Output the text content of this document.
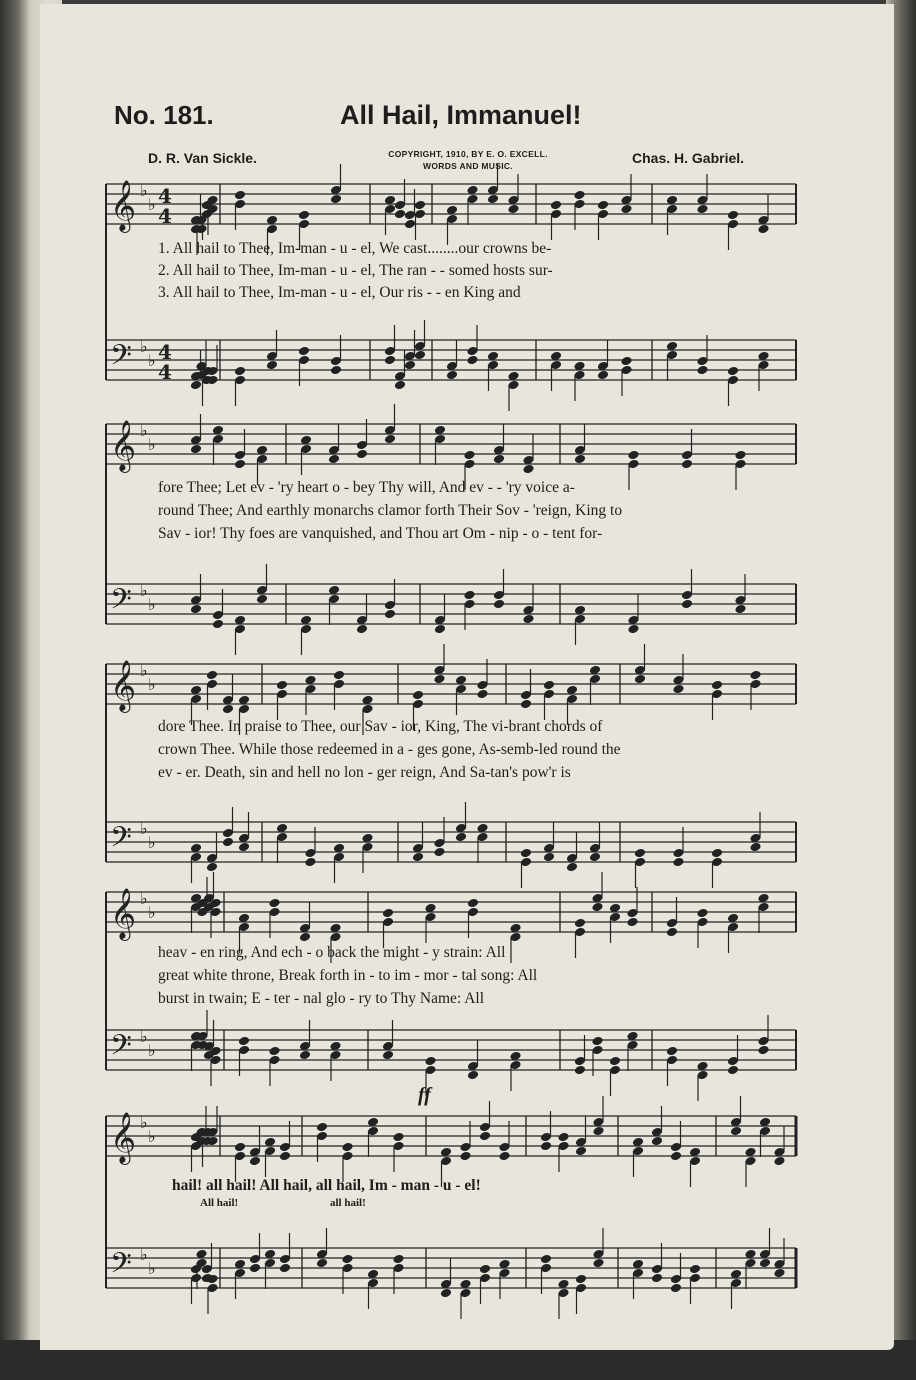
No. 181.	All Hail, Immanuel!
D. R. Van Sickle.	Chas. H. Gabriel.
COPYRIGHT, 1910, BY E. O. EXCELL.
WORDS AND MUSIC.
𝄞 ♭
♭ 4
4
𝄢 ♭
♭ 4
4
𝄞 ♭
♭
𝄢 ♭
♭
𝄞 ♭
♭
𝄢 ♭
♭
𝄞 ♭
♭
𝄢 ♭
♭
𝄞 ♭
♭
𝄢 ♭
♭
1. All hail to Thee, Im-man - u - el, We cast........our crowns be-
2. All hail to Thee, Im-man - u - el, The ran - - somed hosts sur-
3. All hail to Thee, Im-man - u - el, Our ris - - en King and
fore Thee; Let ev - 'ry heart o - bey Thy will, And ev - - 'ry voice a-
round Thee; And earthly monarchs clamor forth Their Sov - 'reign, King to
Sav - ior! Thy foes are vanquished, and Thou art Om - nip - o - tent for-
dore Thee. In praise to Thee, our Sav - ior, King, The vi-brant chords of
crown Thee. While those redeemed in a - ges gone, As-semb-led round the
ev - er. Death, sin and hell no lon - ger reign, And Sa-tan's pow'r is
heav - en ring, And ech - o back the might - y strain: All
great white throne, Break forth in - to im - mor - tal song: All
burst in twain; E - ter - nal glo - ry to Thy Name: All
hail! all hail! All hail, all hail, Im - man - u - el!
All hail!	all hail!
ff
